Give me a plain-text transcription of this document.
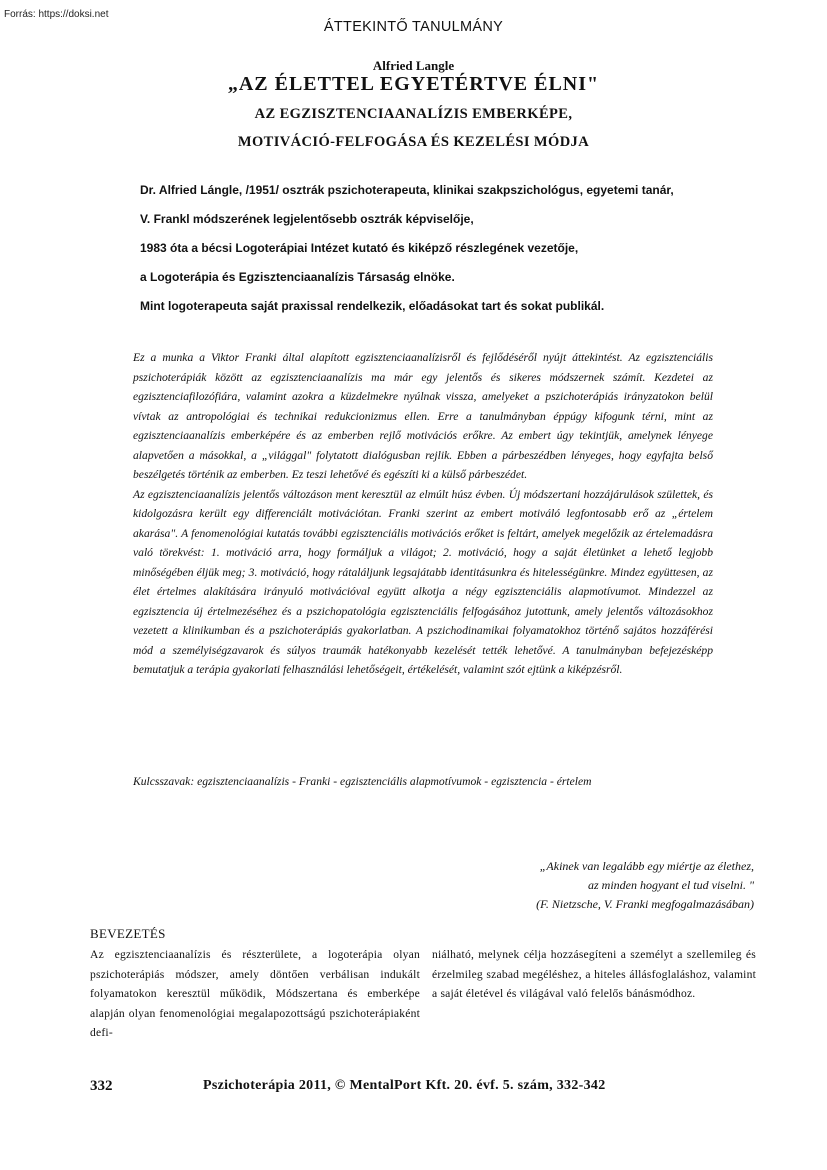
Forrás: https://doksi.net
ÁTTEKINTŐ TANULMÁNY
Alfried Langle
„AZ ÉLETTEL EGYETÉRTVE ÉLNI"
AZ EGZISZTENCIAANALÍZIS EMBERKÉPE,
MOTIVÁCIÓ-FELFOGÁSA ÉS KEZELÉSI MÓDJA
Dr. Alfried Lángle, /1951/ osztrák pszichoterapeuta, klinikai szakpszichológus, egyetemi tanár,
V. Frankl módszerének legjelentősebb osztrák képviselője,
1983 óta a bécsi Logoterápiai Intézet kutató és kiképző részlegének vezetője,
a Logoterápia és Egzisztenciaanalízis Társaság elnöke.
Mint logoterapeuta saját praxissal rendelkezik, előadásokat tart és sokat publikál.

Ez a munka a Viktor Franki által alapított egzisztenciaanalízisről és fejlődéséről nyújt áttekintést. Az egzisztenciális pszichoterápiák között az egzisztenciaanalízis ma már egy jelentős és sikeres módszernek számít. Kezdetei az egzisztenciafilozófiára, valamint azokra a küzdelmekre nyúlnak vissza, amelyeket a pszichoterápiás irányzatokon belül vívtak az antropológiai és technikai redukcionizmus ellen. Erre a tanulmányban éppúgy kifogunk térni, mint az egzisztenciaanalízis emberképére és az emberben rejlő motivációs erőkre. Az embert úgy tekintjük, amelynek lényege alapvetően a másokkal, a „világgal" folytatott dialógusban rejlik. Ebben a párbeszédben lényeges, hogy egyfajta belső beszélgetés történik az emberben. Ez teszi lehetővé és egészíti ki a külső párbeszédet.

Az egzisztenciaanalízis jelentős változáson ment keresztül az elmúlt húsz évben. Új módszertani hozzájárulások születtek, és kidolgozásra került egy differenciált motivációtan. Franki szerint az embert motiváló legfontosabb erő az „értelem akarása". A fenomenológiai kutatás további egzisztenciális motivációs erőket is feltárt, amelyek megelőzik az értelemadásra való törekvést: 1. motiváció arra, hogy formáljuk a világot; 2. motiváció, hogy a saját életünket a lehető legjobb minőségében éljük meg; 3. motiváció, hogy rátaláljunk legsajátabb identitásunkra és hitelességünkre. Mindez együttesen, az élet értelmes alakítására irányuló motivációval együtt alkotja a négy egzisztenciális alapmotívumot. Mindezzel az egzisztencia új értelmezéséhez és a pszichopatológia egzisztenciális felfogásához jutottunk, amely jelentős változásokhoz vezetett a klinikumban és a pszichoterápiás gyakorlatban. A pszichodinamikai folyamatokhoz történő sajátos hozzáférési mód a személyiségzavarok és súlyos traumák hatékonyabb kezelését tették lehetővé. A tanulmányban befejezésképp bemutatjuk a terápia gyakorlati felhasználási lehetőségeit, értékelését, valamint szót ejtünk a kiképzésről.

Kulcsszavak: egzisztenciaanalízis - Franki - egzisztenciális alapmotívumok - egzisztencia - értelem
„Akinek van legalább egy miértje az élethez,
az minden hogyant el tud viselni. "
(F. Nietzsche, V. Franki megfogalmazásában)
BEVEZETÉS
Az egzisztenciaanalízis és részterülete, a logoterápia olyan pszichoterápiás módszer, amely döntően verbálisan indukált folyamatokon keresztül működik, Módszertana és emberképe alapján olyan fenomenológiai megalapozottságú pszichoterápiaként defi-
niálható, melynek célja hozzásegíteni a személyt a szellemileg és érzelmileg szabad megéléshez, a hiteles állásfoglaláshoz, valamint a saját életével és világával való felelős bánásmódhoz.
332	Pszichoterápia 2011, © MentalPort Kft. 20. évf. 5. szám, 332-342
